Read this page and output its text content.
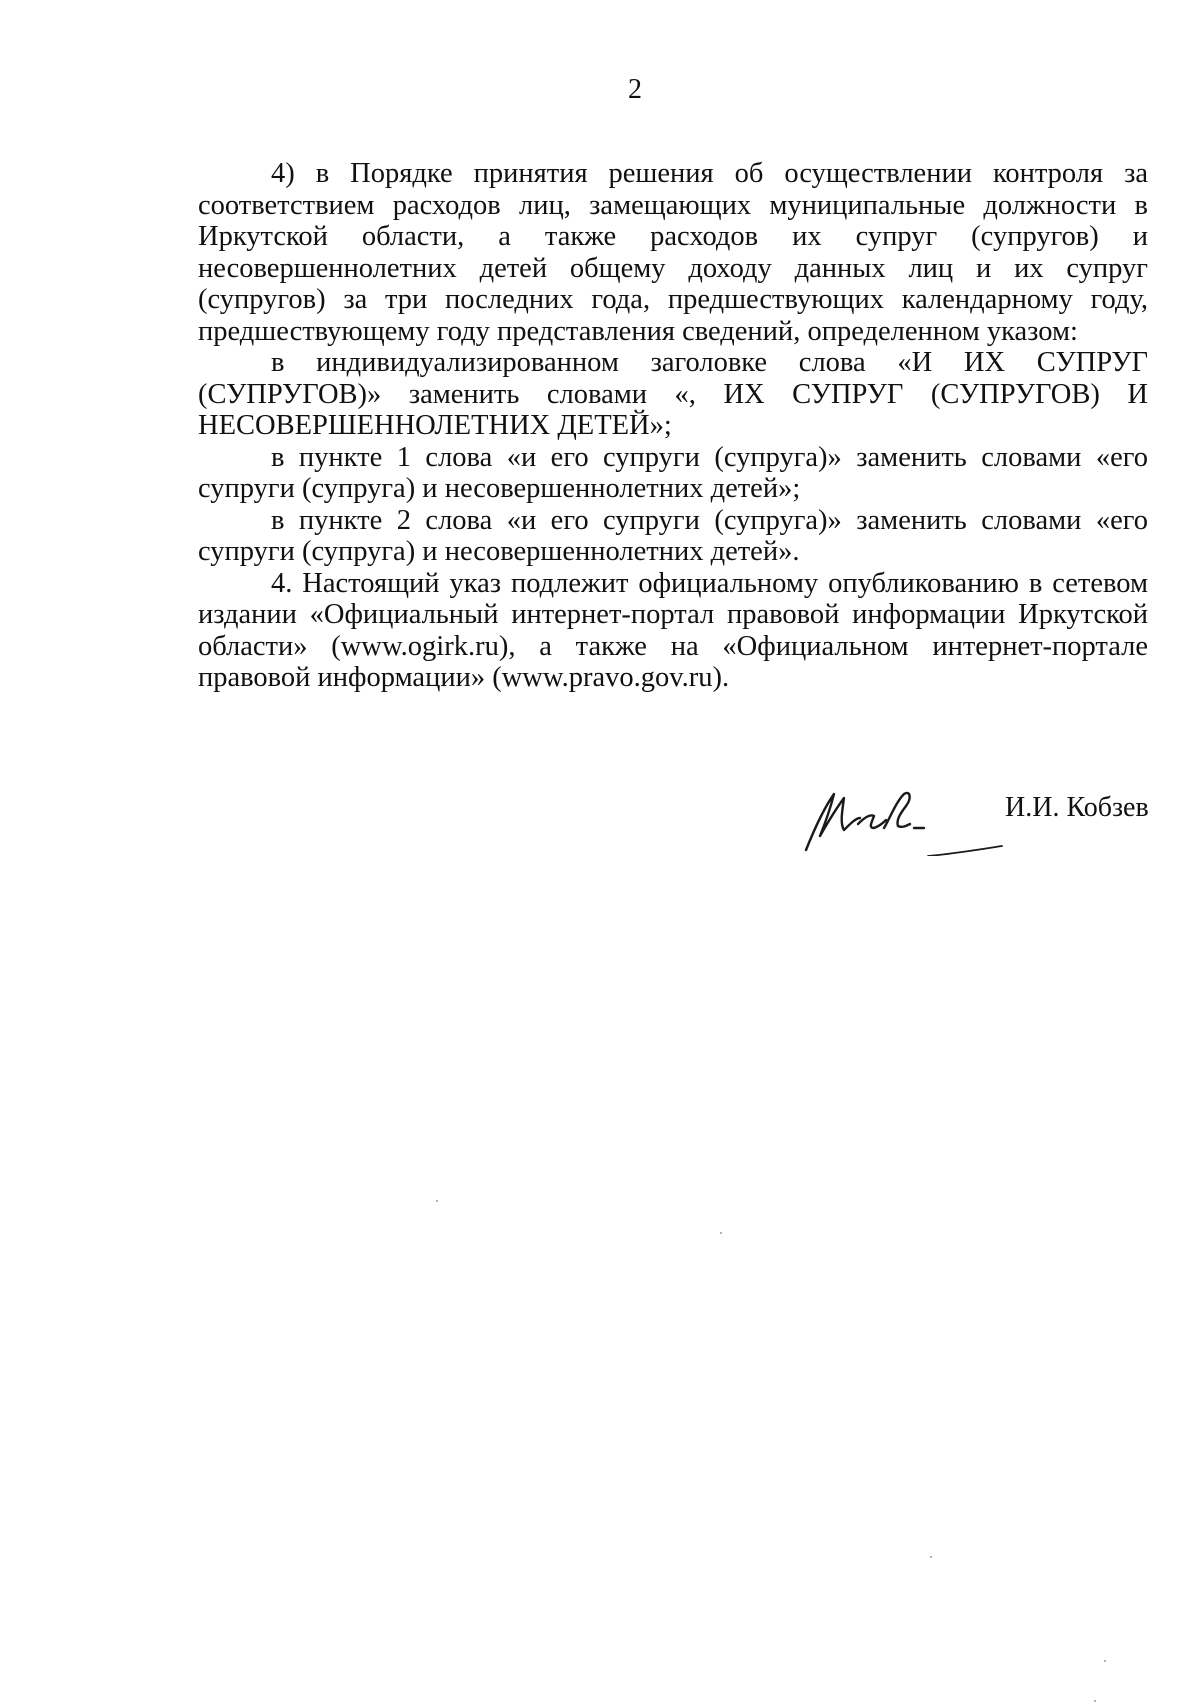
2

4) в Порядке принятия решения об осуществлении контроля за соответствием расходов лиц, замещающих муниципальные должности в Иркутской области, а также расходов их супруг (супругов) и несовершеннолетних детей общему доходу данных лиц и их супруг (супругов) за три последних года, предшествующих календарному году, предшествующему году представления сведений, определенном указом:

в индивидуализированном заголовке слова «И ИХ СУПРУГ (СУПРУГОВ)» заменить словами «, ИХ СУПРУГ (СУПРУГОВ) И НЕСОВЕРШЕННОЛЕТНИХ ДЕТЕЙ»;

в пункте 1 слова «и его супруги (супруга)» заменить словами «его супруги (супруга) и несовершеннолетних детей»;

в пункте 2 слова «и его супруги (супруга)» заменить словами «его супруги (супруга) и несовершеннолетних детей».

4. Настоящий указ подлежит официальному опубликованию в сетевом издании «Официальный интернет-портал правовой информации Иркутской области» (www.ogirk.ru), а также на «Официальном интернет-портале правовой информации» (www.pravo.gov.ru).

И.И. Кобзев
